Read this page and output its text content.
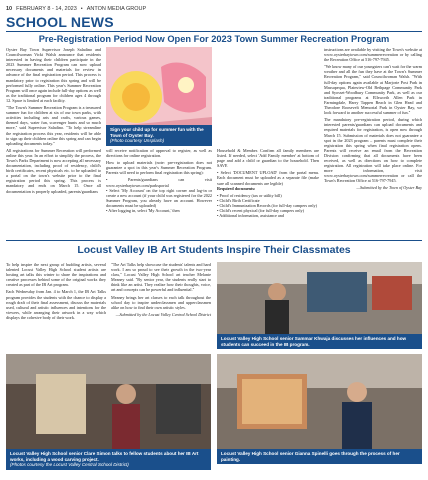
10 FEBRUARY 8 - 14, 2023 • ANTON MEDIA GROUP
SCHOOL NEWS
Pre-Registration Period Now Open For 2023 Town Summer Recreation Program

Oyster Bay Town Supervisor Joseph Saladino and Councilwoman Vicki Walsh announce that residents interested in having their children participate in the 2023 Summer Recreation Program can now upload necessary documents and materials for review in advance of the final registration period. This process is mandatory prior to registration this spring and will be performed fully online. This year's Summer Recreation Program will once again include full-day options as well as the traditional program for children ages 4 through 12. Space is limited at each facility.

"The Town's Summer Recreation Program is a treasured summer fun for children at six of our town parks, with activities including arts and crafts, various games, themed days, water fun, scavenger hunts and so much more," said Supervisor Saladino. "To help streamline the registration process this year, residents will be able to sign up their children online this spring and can begin uploading documents today."

All registrations for Summer Recreation will performed online this year. In an effort to simplify the process, the Town's Parks Department is now accepting all necessary documentation, including proof of residency, child's birth certificates, recent physicals etc. to be uploaded to a portal on the town's website prior to the final registration period this spring. This process is mandatory and ends on March 15. Once all documentation is properly uploaded, parents/guardians

Sign your child up for summer fun with the Town of Oyster Bay.
(Photo courtesy Unsplash)

will receive notification of approval to register, as well as directions for online registration.

How to upload materials (note: pre-registration does not guarantee a spot in this year's Summer Recreation Program. Parents will need to perform final registration this spring):

• Parents/guardians can visit www.oysterbaytown.com/parksportal
• Select 'My Account' on the top right corner and log-in or create a new account (if your child was registered for the 2022 Summer Program, you already have an account. However documents must be uploaded)
• After logging in, select 'My Account,' then

Household & Member. Confirm all family members are listed. If needed, select 'Add Family member' at bottom of page and add a child or guardian to the household. Then SAVE

• Select 'DOCUMENT UPLOAD' from the portal menu. Each document must be uploaded as a separate file (make sure all scanned documents are legible)

Required documents:

• Proof of residency (tax or utility bill)
• Child's Birth Certificate
• Child's Immunization Records (for full-day campers only)
• Child's recent physical (for full-day campers only)
• Additional information, assistance and

instructions are available by visiting the Town's website at www.oysterbaytown.com/summerrecreation or by calling the Recreation Office at 516-797-7945.

"We know many of our youngsters can't wait for the warm weather and all the fun they have at the Town's Summer Recreation Program," said Councilwoman Walsh. "With full-day options again available at Marjorie Post Park in Massapequa, Plainview-Old Bethpage Community Park and Syosset-Woodbury Community Park, as well as our traditional programs at Ellsworth Allen Park in Farmingdale, Harry Tappen Beach in Glen Head and Theodore Roosevelt Memorial Park in Oyster Bay, we look forward to another successful summer of fun."

The mandatory pre-registration period, during which interested parents/guardians can upload documents and required materials for registration, is open now through March 15. Submission of materials does not guarantee a spot in the 2023 program – parents must complete their registration this spring when final registration opens. Parents will receive an email from the Recreation Division confirming that all documents have been received, as well as directions on how to complete registration. All registration will take place online. For more information, visit www.oysterbaytown.com/summerrecreation or call the Town's Recreation Office at 516-797-7945.

—Submitted by the Town of Oyster Bay

Locust Valley IB Art Students Inspire Their Classmates

To help inspire the next group of budding artists, several talented Locust Valley High School student artists are hosting art talks this winter to share the inspirations and creative processes behind some of the original works they created as part of the IB Art program.

Each Wednesday from Jan. 4 to March 1, the IB Art Talks program provides the students with the chance to display a rough draft of their final assessment, discuss the materials used, cultural and artistic influences and intentions for the viewers, while arranging their artwork in a way which displays the cohesive body of their work.

"The Art Talks help showcase the students' talents and hard work. I am so proud to see their growth in the two-year class," Locust Valley High School art teacher Melanie Meaney said. "By senior year, the students really start to think like an artist. They realize how their thoughts, voice, art and concepts can be powerful and influential."

Meaney brings her art classes to each talk throughout the school day to inspire underclassmen and upperclassmen alike on how to find their own artistic styles.

—Submitted by the Locust Valley Central School District

Locust Valley High School senior Sammar Khwaja discusses her influences and how students can succeed in the IB program.
Locust Valley High School senior Clare Simon talks to fellow students about her IB Art works, including a wood carving project.
(Photos courtesy the Locust Valley Central School District)
Locust Valley High School senior Gianna Spinelli goes through the process of her painting.
